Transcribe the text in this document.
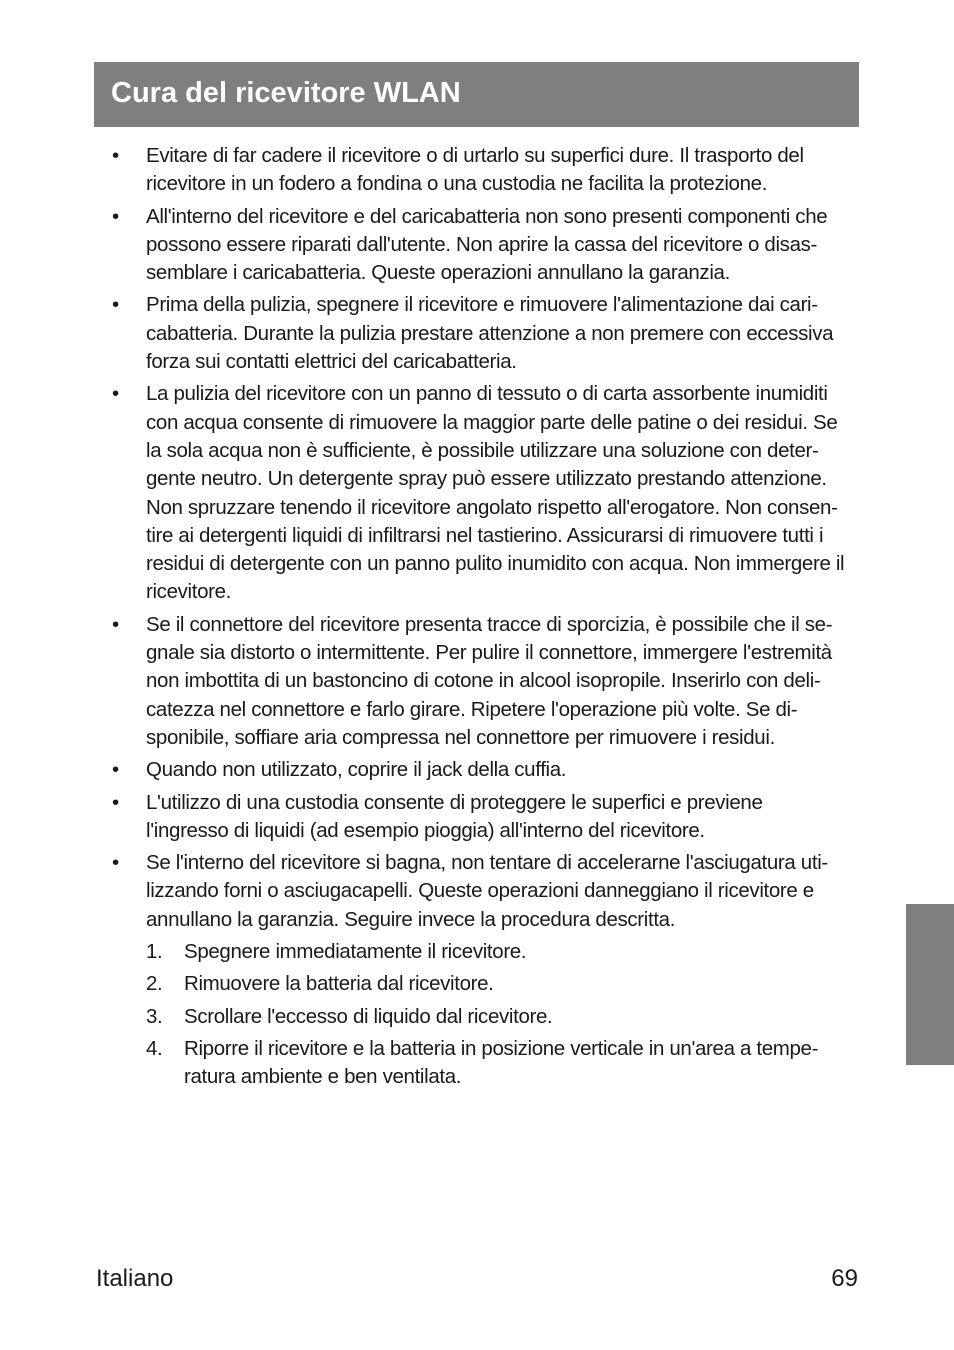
Cura del ricevitore WLAN
• Evitare di far cadere il ricevitore o di urtarlo su superfici dure. Il trasporto del
ricevitore in un fodero a fondina o una custodia ne facilita la protezione.
• All'interno del ricevitore e del caricabatteria non sono presenti componenti che
possono essere riparati dall'utente. Non aprire la cassa del ricevitore o disas-
semblare i caricabatteria. Queste operazioni annullano la garanzia.
• Prima della pulizia, spegnere il ricevitore e rimuovere l'alimentazione dai cari-
cabatteria. Durante la pulizia prestare attenzione a non premere con eccessiva
forza sui contatti elettrici del caricabatteria.
• La pulizia del ricevitore con un panno di tessuto o di carta assorbente inumiditi
con acqua consente di rimuovere la maggior parte delle patine o dei residui. Se
la sola acqua non è sufficiente, è possibile utilizzare una soluzione con deter-
gente neutro. Un detergente spray può essere utilizzato prestando attenzione.
Non spruzzare tenendo il ricevitore angolato rispetto all'erogatore. Non consen-
tire ai detergenti liquidi di infiltrarsi nel tastierino. Assicurarsi di rimuovere tutti i
residui di detergente con un panno pulito inumidito con acqua. Non immergere il
ricevitore.
• Se il connettore del ricevitore presenta tracce di sporcizia, è possibile che il se-
gnale sia distorto o intermittente. Per pulire il connettore, immergere l'estremità
non imbottita di un bastoncino di cotone in alcool isopropile. Inserirlo con deli-
catezza nel connettore e farlo girare. Ripetere l'operazione più volte. Se di-
sponibile, soffiare aria compressa nel connettore per rimuovere i residui.
• Quando non utilizzato, coprire il jack della cuffia.
• L'utilizzo di una custodia consente di proteggere le superfici e previene
l'ingresso di liquidi (ad esempio pioggia) all'interno del ricevitore.
• Se l'interno del ricevitore si bagna, non tentare di accelerarne l'asciugatura uti-
lizzando forni o asciugacapelli. Queste operazioni danneggiano il ricevitore e
annullano la garanzia. Seguire invece la procedura descritta.
1. Spegnere immediatamente il ricevitore.
2. Rimuovere la batteria dal ricevitore.
3. Scrollare l'eccesso di liquido dal ricevitore.
4. Riporre il ricevitore e la batteria in posizione verticale in un'area a tempe-
ratura ambiente e ben ventilata.
Italiano	69
